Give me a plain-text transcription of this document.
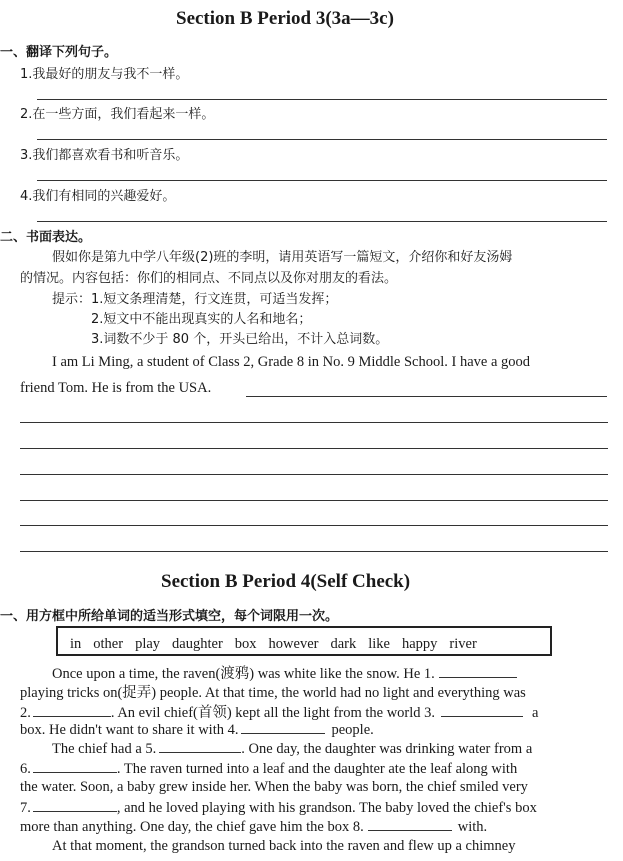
Section B Period 3(3a—3c)
一、翻译下列句子。
1.我最好的朋友与我不一样。
2.在一些方面，我们看起来一样。
3.我们都喜欢看书和听音乐。
4.我们有相同的兴趣爱好。
二、书面表达。
假如你是第九中学八年级(2)班的李明，请用英语写一篇短文，介绍你和好友汤姆
的情况。内容包括：你们的相同点、不同点以及你对朋友的看法。
提示：1.短文条理清楚，行文连贯，可适当发挥；
2.短文中不能出现真实的人名和地名；
3.词数不少于 80 个，开头已给出，不计入总词数。
I am Li Ming, a student of Class 2, Grade 8 in No. 9 Middle School. I have a good
friend Tom. He is from the USA.
Section B Period 4(Self Check)
一、用方框中所给单词的适当形式填空，每个词限用一次。
in other play daughter box however dark like happy river
Once upon a time, the raven(渡鸦) was white like the snow. He 1.
playing tricks on(捉弄) people. At that time, the world had no light and everything was
2.	. An evil chief(首领) kept all the light from the world 3.	a
box. He didn't want to share it with 4.	people.
The chief had a 5.	. One day, the daughter was drinking water from a
6.	. The raven turned into a leaf and the daughter ate the leaf along with
the water. Soon, a baby grew inside her. When the baby was born, the chief smiled very
7.	, and he loved playing with his grandson. The baby loved the chief's box
more than anything. One day, the chief gave him the box 8.	with.
At that moment, the grandson turned back into the raven and flew up a chimney
